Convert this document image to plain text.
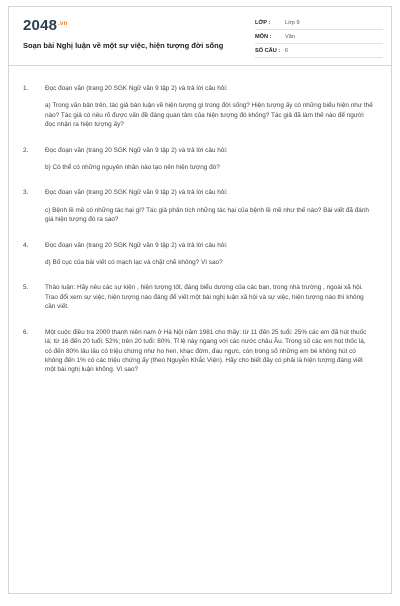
$2048^{.vn}$
Soạn bài Nghị luận về một sự việc, hiện tượng đời sống
LỚP :	Lớp 9
MÔN :	Văn
SỐ CÂU : 6
1.	Đọc đoạn văn (trang 20 SGK Ngữ văn 9 tập 2) và trả lời câu hỏi:

a) Trong văn bản trên, tác giả bàn luận về hiện tượng gì trong đời sống? Hiện tượng ấy có những biểu hiện như thế nào? Tác giả có nêu rõ được vấn đề đáng quan tâm của hiện tượng đó không? Tác giả đã làm thế nào để người đọc nhận ra hiện tượng ấy?

2.	Đọc đoạn văn (trang 20 SGK Ngữ văn 9 tập 2) và trả lời câu hỏi:

b) Có thể có những nguyên nhân nào tạo nên hiện tượng đó?

3.	Đọc đoạn văn (trang 20 SGK Ngữ văn 9 tập 2) và trả lời câu hỏi:

c) Bệnh lề mề có những tác hại gì? Tác giả phân tích những tác hại của bệnh lề mề như thế nào? Bài viết đã đánh giá hiện tượng đó ra sao?

4.	Đọc đoạn văn (trang 20 SGK Ngữ văn 9 tập 2) và trả lời câu hỏi:

d) Bố cục của bài viết có mạch lạc và chặt chẽ không? Vì sao?

5.	Thảo luận: Hãy nêu các sự kiện , hiện tượng tốt, đáng biểu dương của các bạn, trong nhà trường , ngoài xã hội. Trao đổi xem sự việc, hiện tượng nào đáng để viết một bài nghị luận xã hội và sự việc, hiện tượng nào thì không cần viết.

6.	Một cuộc điều tra 2000 thanh niên nam ở Hà Nội năm 1981 cho thấy: từ 11 đến 25 tuổi: 25% các em đã hút thuốc lá; từ 16 đến 20 tuổi: 52%; trên 20 tuổi: 80%. Tỉ lệ này ngang với các nước châu Âu. Trong số các em hút thốc lá, có đến 80% lâu lâu có triệu chứng như ho hen, khạc đờm, đau ngực, còn trong số những em bé không hút có không đến 1% có các triệu chứng ấy (theo Nguyễn Khắc Viện). Hãy cho biết đây có phải là hiện tượng đáng viết một bài nghị luận không. Vì sao?
